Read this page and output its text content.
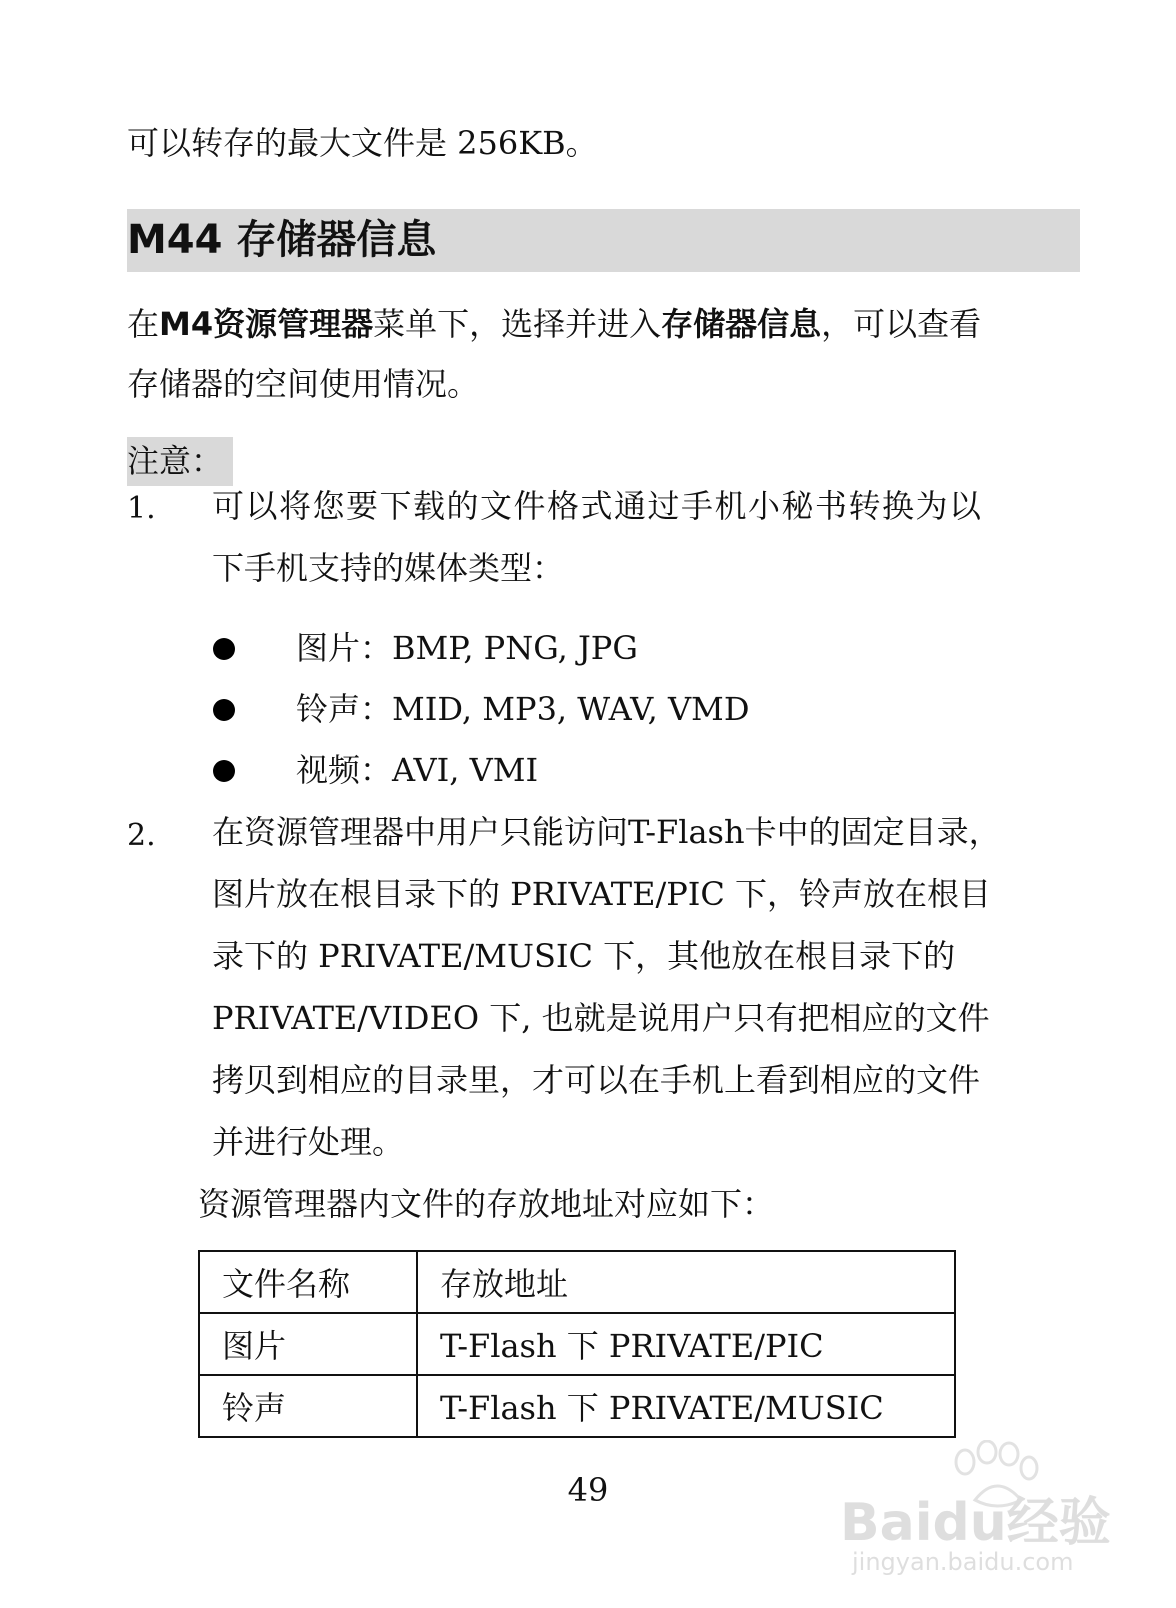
可以转存的最大文件是 256KB。
M44 存储器信息
在M4资源管理器菜单下，选择并进入存储器信息，可以查看
存储器的空间使用情况。
注意：
1. 可以将您要下载的文件格式通过手机小秘书转换为以
下手机支持的媒体类型：
图片：BMP, PNG, JPG
铃声：MID, MP3, WAV, VMD
视频：AVI, VMI
2. 在资源管理器中用户只能访问T-Flash卡中的固定目录，
图片放在根目录下的 PRIVATE/PIC 下，铃声放在根目
录下的 PRIVATE/MUSIC 下，其他放在根目录下的
PRIVATE/VIDEO 下, 也就是说用户只有把相应的文件
拷贝到相应的目录里，才可以在手机上看到相应的文件
并进行处理。
资源管理器内文件的存放地址对应如下：
文件名称	存放地址
图片	T-Flash 下 PRIVATE/PIC
铃声	T-Flash 下 PRIVATE/MUSIC
49
Baidu经验
jingyan.baidu.com
